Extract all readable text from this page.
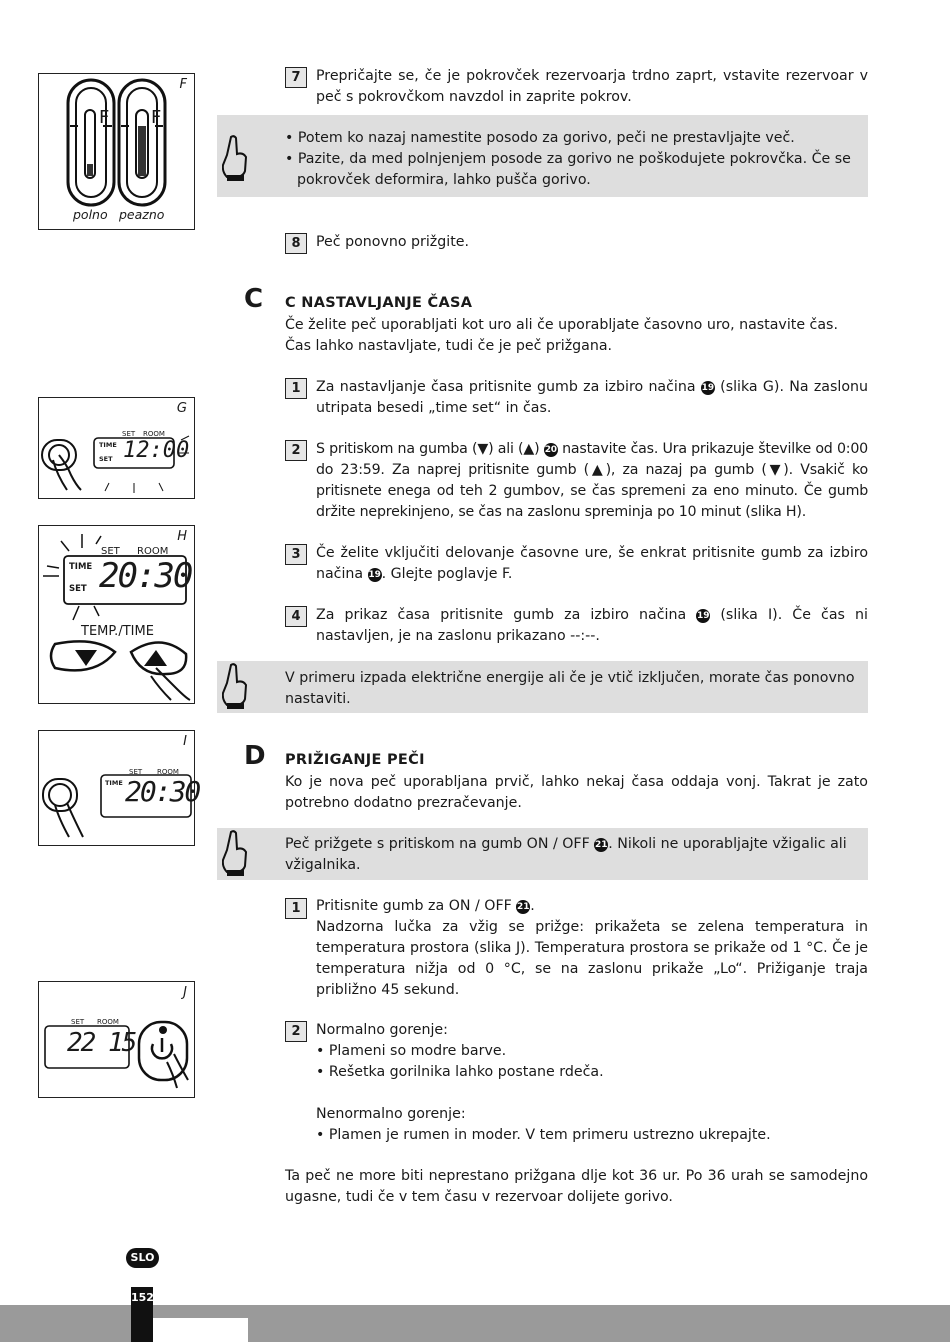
F
F F
polno peazno
G
SET ROOM
TIME
SET 12:00
H
SET ROOM
TIME
SET 20:30
TEMP./TIME
I
SET ROOM
TIME 20:30
J
SET ROOM
22 15
7	Prepričajte se, če je pokrovček rezervoarja trdno zaprt, vstavite rezervoar v peč s pokrovčkom navzdol in zaprite pokrov.
• Potem ko nazaj namestite posodo za gorivo, peči ne prestavljajte več.
• Pazite, da med polnjenjem posode za gorivo ne poškodujete pokrovčka. Če se pokrovček deformira, lahko pušča gorivo.
8	Peč ponovno prižgite.
C C NASTAVLJANJE ČASA
Če želite peč uporabljati kot uro ali če uporabljate časovno uro, nastavite čas. Čas lahko nastavljate, tudi če je peč prižgana.
1	Za nastavljanje časa pritisnite gumb za izbiro načina 19 (slika G). Na zaslonu utripata besedi „time set“ in čas.
2	S pritiskom na gumba (▼) ali (▲) 20 nastavite čas. Ura prikazuje številke od 0:00 do 23:59. Za naprej pritisnite gumb (▲), za nazaj pa gumb (▼). Vsakič ko pritisnete enega od teh 2 gumbov, se čas spremeni za eno minuto. Če gumb držite neprekinjeno, se čas na zaslonu spreminja po 10 minut (slika H).
3	Če želite vključiti delovanje časovne ure, še enkrat pritisnite gumb za izbiro načina 19. Glejte poglavje F.
4	Za prikaz časa pritisnite gumb za izbiro načina 19 (slika I). Če čas ni nastavljen, je na zaslonu prikazano --:--.
V primeru izpada električne energije ali če je vtič izključen, morate čas ponovno nastaviti.
D PRIŽIGANJE PEČI
Ko je nova peč uporabljana prvič, lahko nekaj časa oddaja vonj. Takrat je zato potrebno dodatno prezračevanje.
Peč prižgete s pritiskom na gumb ON / OFF 21. Nikoli ne uporabljajte vžigalic ali vžigalnika.
1	Pritisnite gumb za ON / OFF 21.
Nadzorna lučka za vžig se prižge: prikažeta se zelena temperatura in temperatura prostora (slika J). Temperatura prostora se prikaže od 1 °C. Če je temperatura nižja od 0 °C, se na zaslonu prikaže „Lo“. Prižiganje traja približno 45 sekund.
2	Normalno gorenje:
• Plameni so modre barve.
• Rešetka gorilnika lahko postane rdeča.
Nenormalno gorenje:
• Plamen je rumen in moder. V tem primeru ustrezno ukrepajte.
Ta peč ne more biti neprestano prižgana dlje kot 36 ur. Po 36 urah se samodejno ugasne, tudi če v tem času v rezervoar dolijete gorivo.
SLO
152
